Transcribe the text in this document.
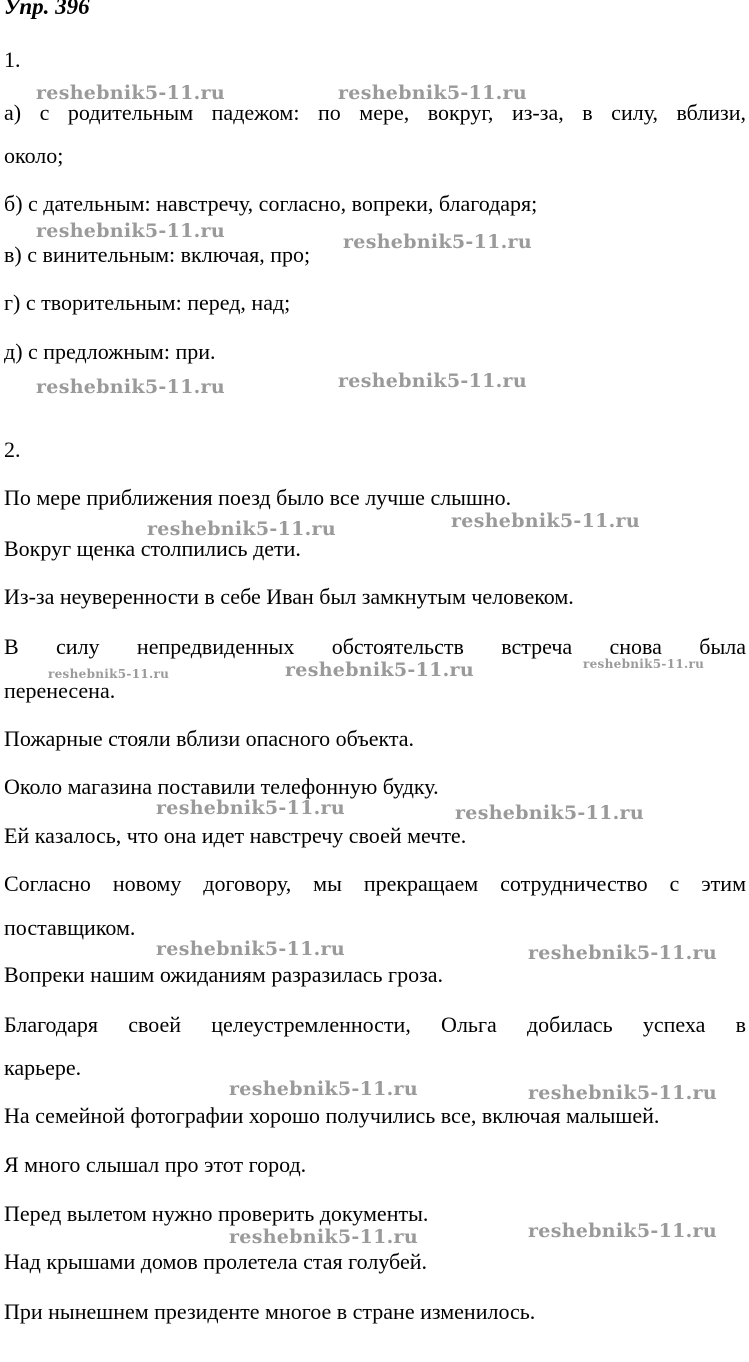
Упр. 396
1.
а) с родительным падежом: по мере, вокруг, из-за, в силу, вблизи,
около;
б) с дательным: навстречу, согласно, вопреки, благодаря;
в) с винительным: включая, про;
г) с творительным: перед, над;
д) с предложным: при.
2.
По мере приближения поезд было все лучше слышно.
Вокруг щенка столпились дети.
Из-за неуверенности в себе Иван был замкнутым человеком.
В силу непредвиденных обстоятельств встреча снова была
перенесена.
Пожарные стояли вблизи опасного объекта.
Около магазина поставили телефонную будку.
Ей казалось, что она идет навстречу своей мечте.
Согласно новому договору, мы прекращаем сотрудничество с этим
поставщиком.
Вопреки нашим ожиданиям разразилась гроза.
Благодаря своей целеустремленности, Ольга добилась успеха в
карьере.
На семейной фотографии хорошо получились все, включая малышей.
Я много слышал про этот город.
Перед вылетом нужно проверить документы.
Над крышами домов пролетела стая голубей.
При нынешнем президенте многое в стране изменилось.
reshebnik5-11.ru	reshebnik5-11.ru
reshebnik5-11.ru	reshebnik5-11.ru
reshebnik5-11.ru	reshebnik5-11.ru
reshebnik5-11.ru	reshebnik5-11.ru
reshebnik5-11.ru	reshebnik5-11.ru	reshebnik5-11.ru
reshebnik5-11.ru	reshebnik5-11.ru
reshebnik5-11.ru	reshebnik5-11.ru
reshebnik5-11.ru	reshebnik5-11.ru
reshebnik5-11.ru	reshebnik5-11.ru
